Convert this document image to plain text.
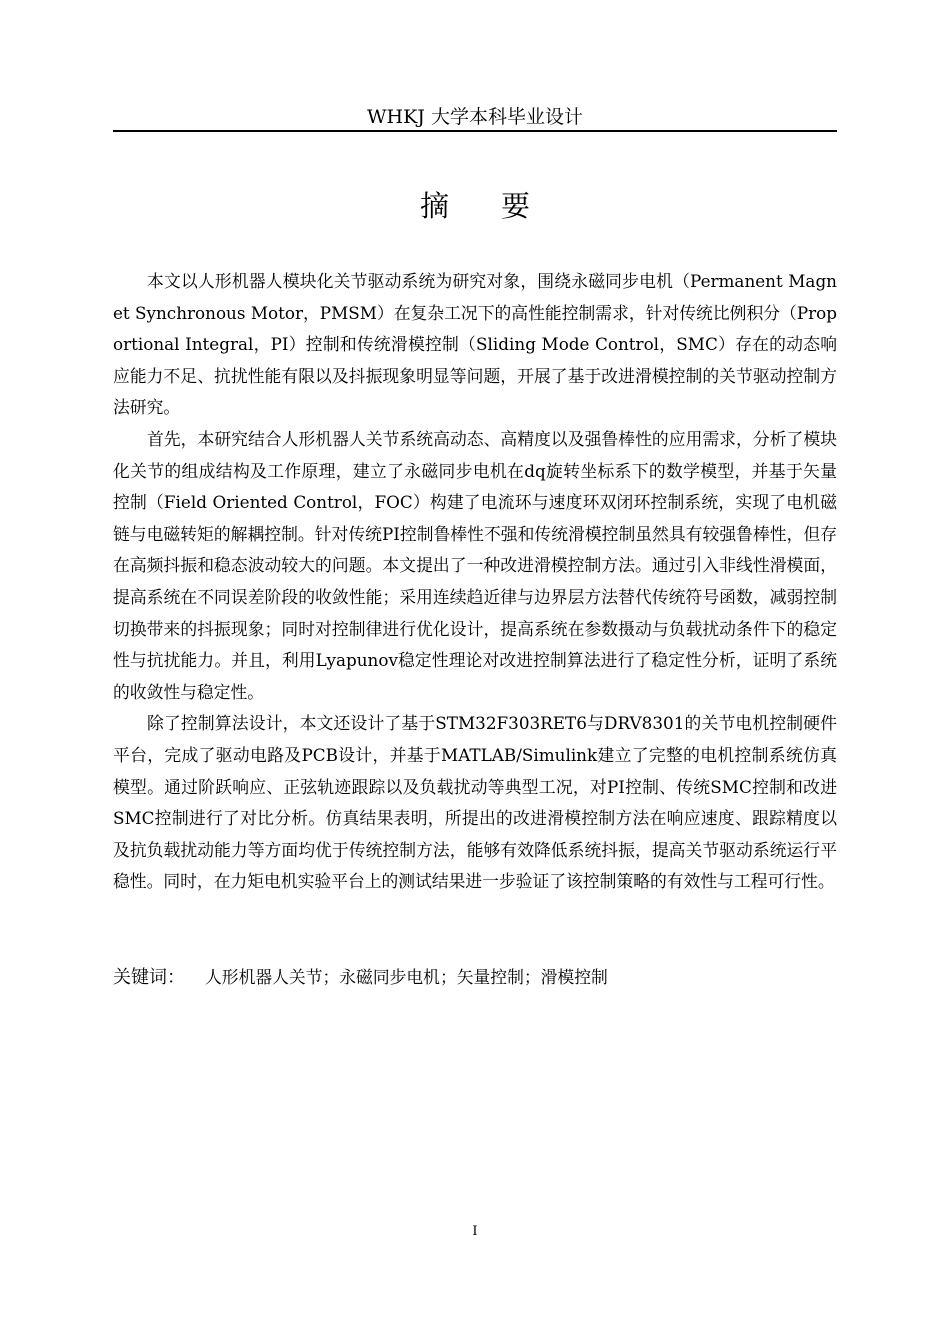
WHKJ 大学本科毕业设计
摘要

本文以人形机器人模块化关节驱动系统为研究对象，围绕永磁同步电机（Permanent Magnet Synchronous Motor，PMSM）在复杂工况下的高性能控制需求，针对传统比例积分（Proportional Integral，PI）控制和传统滑模控制（Sliding Mode Control，SMC）存在的动态响应能力不足、抗扰性能有限以及抖振现象明显等问题，开展了基于改进滑模控制的关节驱动控制方法研究。

首先，本研究结合人形机器人关节系统高动态、高精度以及强鲁棒性的应用需求，分析了模块化关节的组成结构及工作原理，建立了永磁同步电机在dq旋转坐标系下的数学模型，并基于矢量控制（Field Oriented Control，FOC）构建了电流环与速度环双闭环控制系统，实现了电机磁链与电磁转矩的解耦控制。针对传统PI控制鲁棒性不强和传统滑模控制虽然具有较强鲁棒性，但存在高频抖振和稳态波动较大的问题。本文提出了一种改进滑模控制方法。通过引入非线性滑模面，提高系统在不同误差阶段的收敛性能；采用连续趋近律与边界层方法替代传统符号函数，减弱控制切换带来的抖振现象；同时对控制律进行优化设计，提高系统在参数摄动与负载扰动条件下的稳定性与抗扰能力。并且，利用Lyapunov稳定性理论对改进控制算法进行了稳定性分析，证明了系统的收敛性与稳定性。

除了控制算法设计，本文还设计了基于STM32F303RET6与DRV8301的关节电机控制硬件平台，完成了驱动电路及PCB设计，并基于MATLAB/Simulink建立了完整的电机控制系统仿真模型。通过阶跃响应、正弦轨迹跟踪以及负载扰动等典型工况，对PI控制、传统SMC控制和改进SMC控制进行了对比分析。仿真结果表明，所提出的改进滑模控制方法在响应速度、跟踪精度以及抗负载扰动能力等方面均优于传统控制方法，能够有效降低系统抖振，提高关节驱动系统运行平稳性。同时，在力矩电机实验平台上的测试结果进一步验证了该控制策略的有效性与工程可行性。

关键词： 人形机器人关节；永磁同步电机；矢量控制；滑模控制
I
